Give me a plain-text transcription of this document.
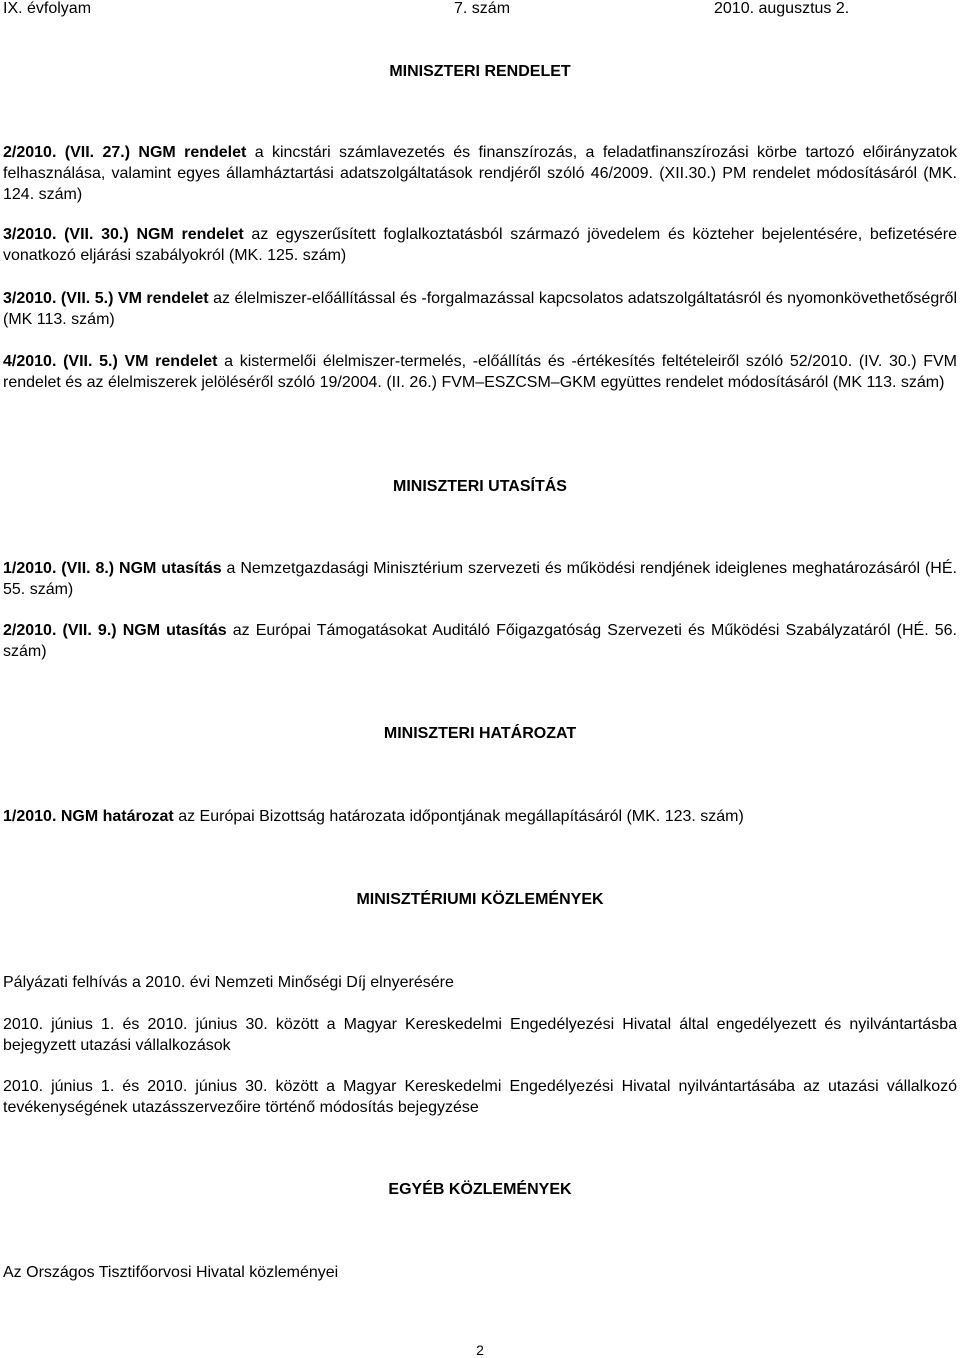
IX. évfolyam	7. szám	2010. augusztus 2.
MINISZTERI RENDELET
2/2010. (VII. 27.) NGM rendelet a kincstári számlavezetés és finanszírozás, a feladatfinanszírozási körbe tartozó előirányzatok felhasználása, valamint egyes államháztartási adatszolgáltatások rendjéről szóló 46/2009. (XII.30.) PM rendelet módosításáról (MK. 124. szám)
3/2010. (VII. 30.) NGM rendelet az egyszerűsített foglalkoztatásból származó jövedelem és közteher bejelentésére, befizetésére vonatkozó eljárási szabályokról (MK. 125. szám)
3/2010. (VII. 5.) VM rendelet az élelmiszer-előállítással és -forgalmazással kapcsolatos adatszolgáltatásról és nyomonkövethetőségről (MK 113. szám)
4/2010. (VII. 5.) VM rendelet a kistermelői élelmiszer-termelés, -előállítás és -értékesítés feltételeiről szóló 52/2010. (IV. 30.) FVM rendelet és az élelmiszerek jelöléséről szóló 19/2004. (II. 26.) FVM–ESZCSM–GKM együttes rendelet módosításáról (MK 113. szám)
MINISZTERI UTASÍTÁS
1/2010. (VII. 8.) NGM utasítás a Nemzetgazdasági Minisztérium szervezeti és működési rendjének ideiglenes meghatározásáról (HÉ. 55. szám)
2/2010. (VII. 9.) NGM utasítás az Európai Támogatásokat Auditáló Főigazgatóság Szervezeti és Működési Szabályzatáról (HÉ. 56. szám)
MINISZTERI HATÁROZAT
1/2010. NGM határozat az Európai Bizottság határozata időpontjának megállapításáról (MK. 123. szám)
MINISZTÉRIUMI KÖZLEMÉNYEK
Pályázati felhívás a 2010. évi Nemzeti Minőségi Díj elnyerésére
2010. június 1. és 2010. június 30. között a Magyar Kereskedelmi Engedélyezési Hivatal által engedélyezett és nyilvántartásba bejegyzett utazási vállalkozások
2010. június 1. és 2010. június 30. között a Magyar Kereskedelmi Engedélyezési Hivatal nyilvántartásába az utazási vállalkozó tevékenységének utazásszervezőire történő módosítás bejegyzése
EGYÉB KÖZLEMÉNYEK
Az Országos Tisztifőorvosi Hivatal közleményei
2
